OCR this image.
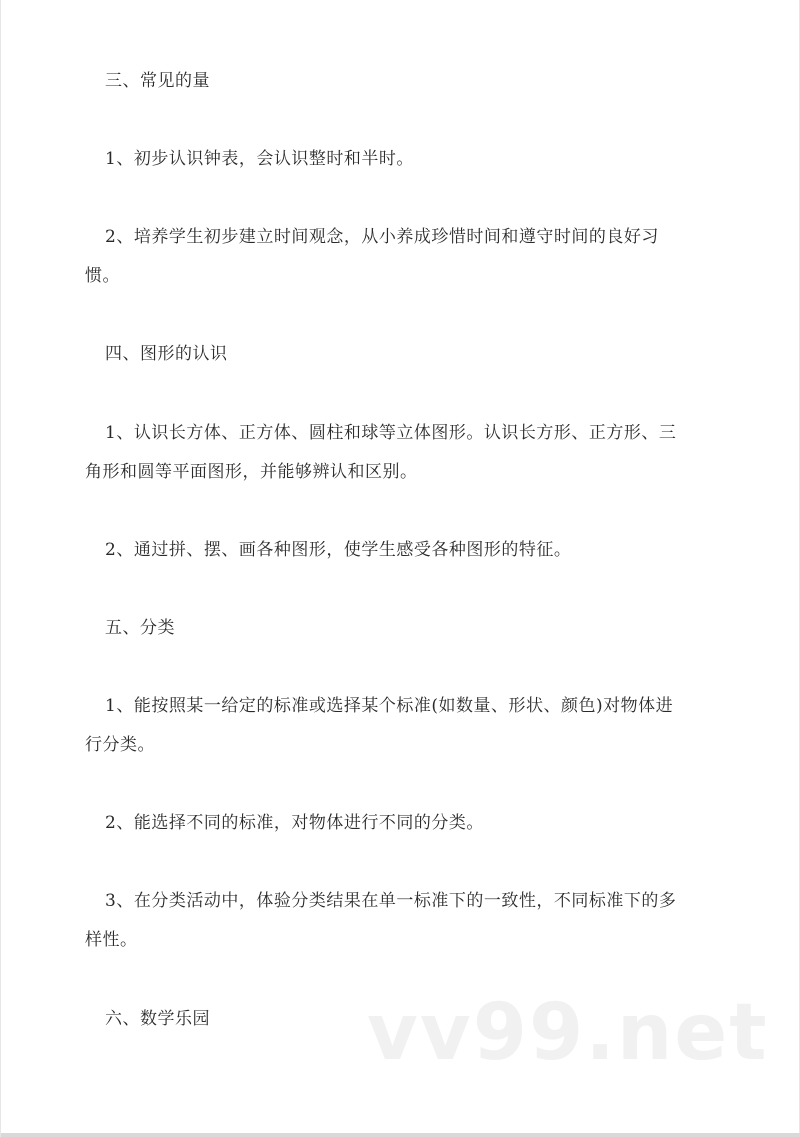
三、常见的量
1、初步认识钟表，会认识整时和半时。
2、培养学生初步建立时间观念，从小养成珍惜时间和遵守时间的良好习
惯。
四、图形的认识
1、认识长方体、正方体、圆柱和球等立体图形。认识长方形、正方形、三
角形和圆等平面图形，并能够辨认和区别。
2、通过拼、摆、画各种图形，使学生感受各种图形的特征。
五、分类
1、能按照某一给定的标准或选择某个标准(如数量、形状、颜色)对物体进
行分类。
2、能选择不同的标准，对物体进行不同的分类。
3、在分类活动中，体验分类结果在单一标准下的一致性，不同标准下的多
样性。
六、数学乐园 vv99.net
